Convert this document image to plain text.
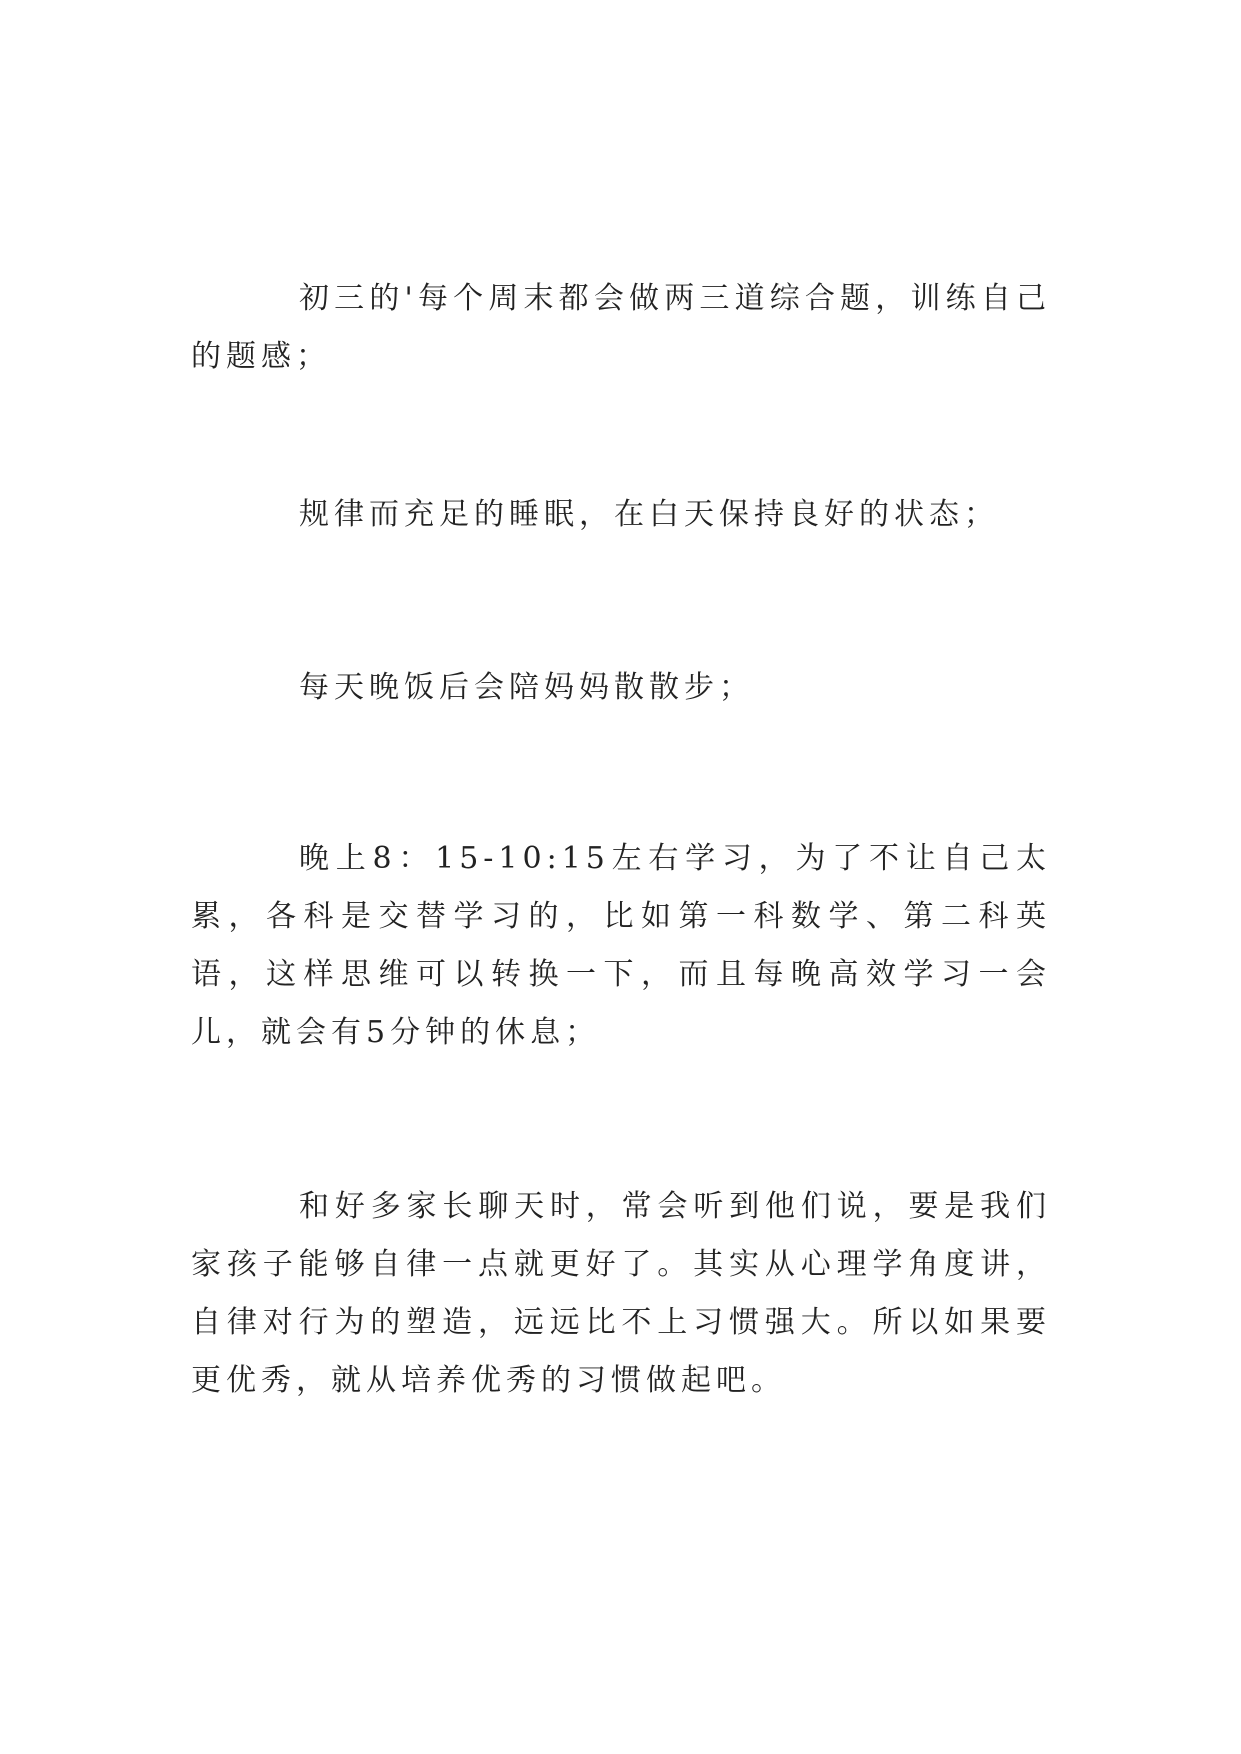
初三的'每个周末都会做两三道综合题，训练自己的题感；

规律而充足的睡眠，在白天保持良好的状态；

每天晚饭后会陪妈妈散散步；

晚上8：15-10:15左右学习，为了不让自己太累，各科是交替学习的，比如第一科数学、第二科英语，这样思维可以转换一下，而且每晚高效学习一会儿，就会有5分钟的休息；

和好多家长聊天时，常会听到他们说，要是我们家孩子能够自律一点就更好了。其实从心理学角度讲，自律对行为的塑造，远远比不上习惯强大。所以如果要更优秀，就从培养优秀的习惯做起吧。
